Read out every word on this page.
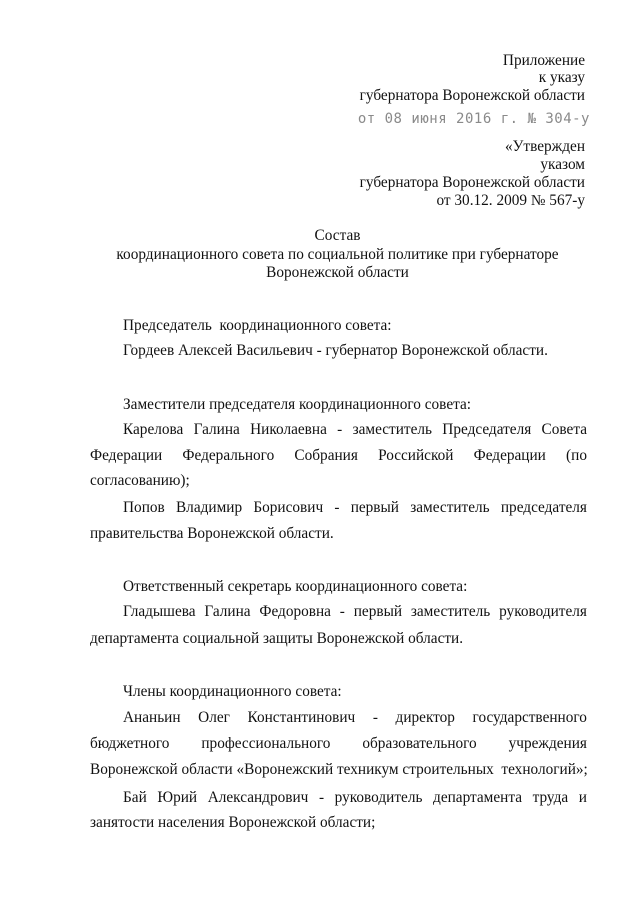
Приложение
к указу
губернатора Воронежской области
от 08 июня 2016 г. № 304-у
«Утвержден
указом
губернатора Воронежской области
от 30.12. 2009 № 567-у
Состав
координационного совета по социальной политике при губернаторе
Воронежской области
Председатель  координационного совета:
Гордеев Алексей Васильевич - губернатор Воронежской области.
Заместители председателя координационного совета:
Карелова Галина Николаевна - заместитель Председателя Совета
Федерации Федерального Собрания Российской Федерации (по
согласованию);
Попов Владимир Борисович - первый заместитель председателя
правительства Воронежской области.
Ответственный секретарь координационного совета:
Гладышева Галина Федоровна - первый заместитель руководителя
департамента социальной защиты Воронежской области.
Члены координационного совета:
Ананьин Олег Константинович - директор государственного
бюджетного профессионального образовательного учреждения
Воронежской области «Воронежский техникум строительных  технологий»;
Бай Юрий Александрович - руководитель департамента труда и
занятости населения Воронежской области;
